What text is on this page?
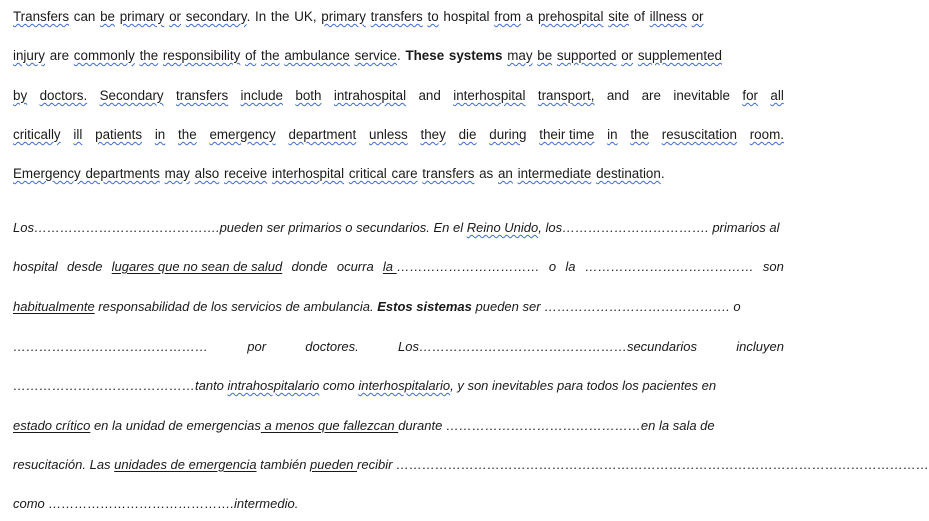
Transfers can be primary or secondary. In the UK, primary transfers to hospital from a prehospital site of illness or
injury are commonly the responsibility of the ambulance service. These systems may be supported or supplemented
by doctors. Secondary transfers include both intrahospital and interhospital transport, and are inevitable for all
critically ill patients in the emergency department unless they die during their time in the resuscitation room.
Emergency departments may also receive interhospital critical care transfers as an intermediate destination.
Los…………………………………….pueden ser primarios o secundarios. En el Reino Unido, los……………………………. primarios al
hospital desde lugares que no sean de salud donde ocurra la …………………………… o la ………………………………… son
habitualmente responsabilidad de los servicios de ambulancia. Estos sistemas pueden ser ……………………………………. o
………………………………………	por	doctores.	Los…………………………………………secundarios	incluyen
……………………………………tanto intrahospitalario como interhospitalario, y son inevitables para todos los pacientes en
estado crítico en la unidad de emergencias a menos que fallezcan durante ………………………………………en la sala de
resucitación. Las unidades de emergencia también pueden recibir ……………………………………………………………………………………………………………
como …………………………………….intermedio.
